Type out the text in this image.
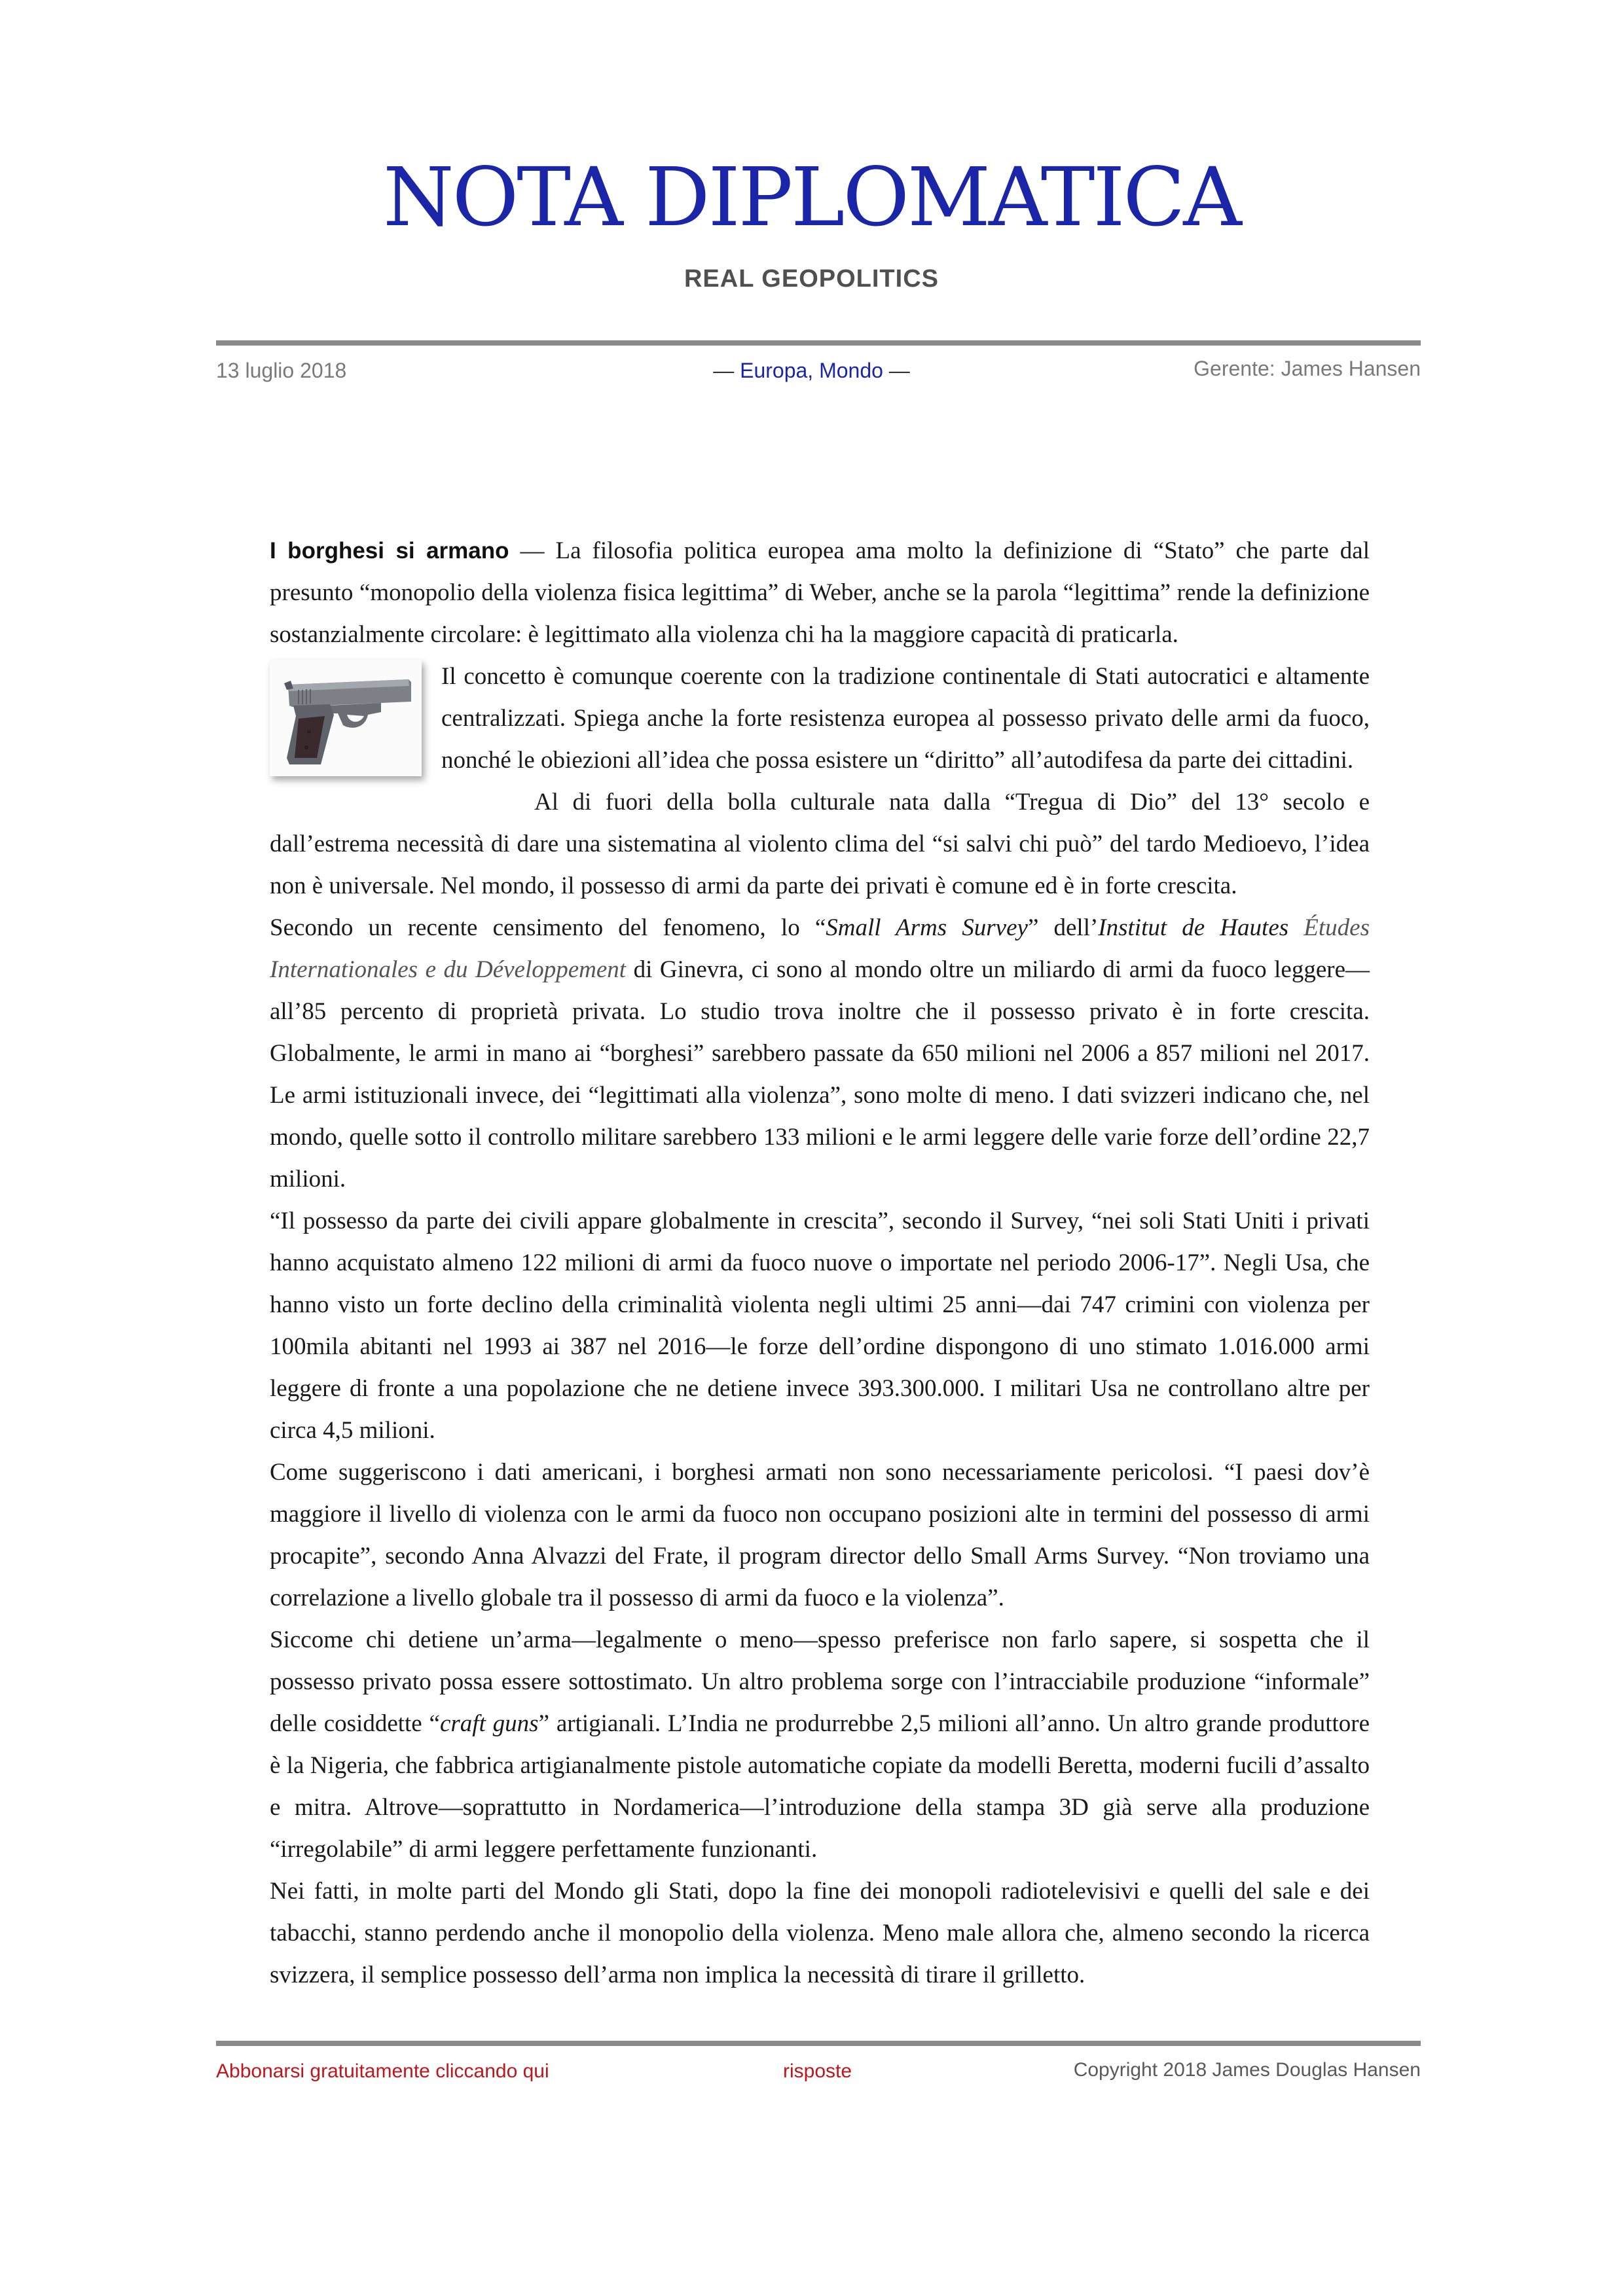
NOTA DIPLOMATICA
REAL GEOPOLITICS
13 luglio 2018	— Europa, Mondo —	Gerente: James Hansen

I borghesi si armano — La filosofia politica europea ama molto la definizione di “Stato” che parte dal presunto “monopolio della violenza fisica legittima” di Weber, anche se la parola “legittima” rende la definizione sostanzialmente circolare: è legittimato alla violenza chi ha la maggiore capacità di praticarla.

Il concetto è comunque coerente con la tradizione continentale di Stati autocratici e altamente centralizzati. Spiega anche la forte resistenza europea al possesso privato delle armi da fuoco, nonché le obiezioni all’idea che possa esistere un “diritto” all’autodifesa da parte dei cittadini.

Al di fuori della bolla culturale nata dalla “Tregua di Dio” del 13° secolo e dall’estrema necessità di dare una sistematina al violento clima del “si salvi chi può” del tardo Medioevo, l’idea non è universale. Nel mondo, il possesso di armi da parte dei privati è comune ed è in forte crescita.

Secondo un recente censimento del fenomeno, lo “Small Arms Survey” dell’Institut de Hautes Études Internationales e du Développement di Ginevra, ci sono al mondo oltre un miliardo di armi da fuoco leggere—all’85 percento di proprietà privata. Lo studio trova inoltre che il possesso privato è in forte crescita. Globalmente, le armi in mano ai “borghesi” sarebbero passate da 650 milioni nel 2006 a 857 milioni nel 2017. Le armi istituzionali invece, dei “legittimati alla violenza”, sono molte di meno. I dati svizzeri indicano che, nel mondo, quelle sotto il controllo militare sarebbero 133 milioni e le armi leggere delle varie forze dell’ordine 22,7 milioni.

“Il possesso da parte dei civili appare globalmente in crescita”, secondo il Survey, “nei soli Stati Uniti i privati hanno acquistato almeno 122 milioni di armi da fuoco nuove o importate nel periodo 2006-17”. Negli Usa, che hanno visto un forte declino della criminalità violenta negli ultimi 25 anni—dai 747 crimini con violenza per 100mila abitanti nel 1993 ai 387 nel 2016—le forze dell’ordine dispongono di uno stimato 1.016.000 armi leggere di fronte a una popolazione che ne detiene invece 393.300.000. I militari Usa ne controllano altre per circa 4,5 milioni.

Come suggeriscono i dati americani, i borghesi armati non sono necessariamente pericolosi. “I paesi dov’è maggiore il livello di violenza con le armi da fuoco non occupano posizioni alte in termini del possesso di armi procapite”, secondo Anna Alvazzi del Frate, il program director dello Small Arms Survey. “Non troviamo una correlazione a livello globale tra il possesso di armi da fuoco e la violenza”.

Siccome chi detiene un’arma—legalmente o meno—spesso preferisce non farlo sapere, si sospetta che il possesso privato possa essere sottostimato. Un altro problema sorge con l’intracciabile produzione “informale” delle cosiddette “craft guns” artigianali. L’India ne produrrebbe 2,5 milioni all’anno. Un altro grande produttore è la Nigeria, che fabbrica artigianalmente pistole automatiche copiate da modelli Beretta, moderni fucili d’assalto e mitra. Altrove—soprattutto in Nordamerica—l’introduzione della stampa 3D già serve alla produzione “irregolabile” di armi leggere perfettamente funzionanti.

Nei fatti, in molte parti del Mondo gli Stati, dopo la fine dei monopoli radiotelevisivi e quelli del sale e dei tabacchi, stanno perdendo anche il monopolio della violenza. Meno male allora che, almeno secondo la ricerca svizzera, il semplice possesso dell’arma non implica la necessità di tirare il grilletto.

Abbonarsi gratuitamente cliccando qui	risposte	Copyright 2018 James Douglas Hansen
